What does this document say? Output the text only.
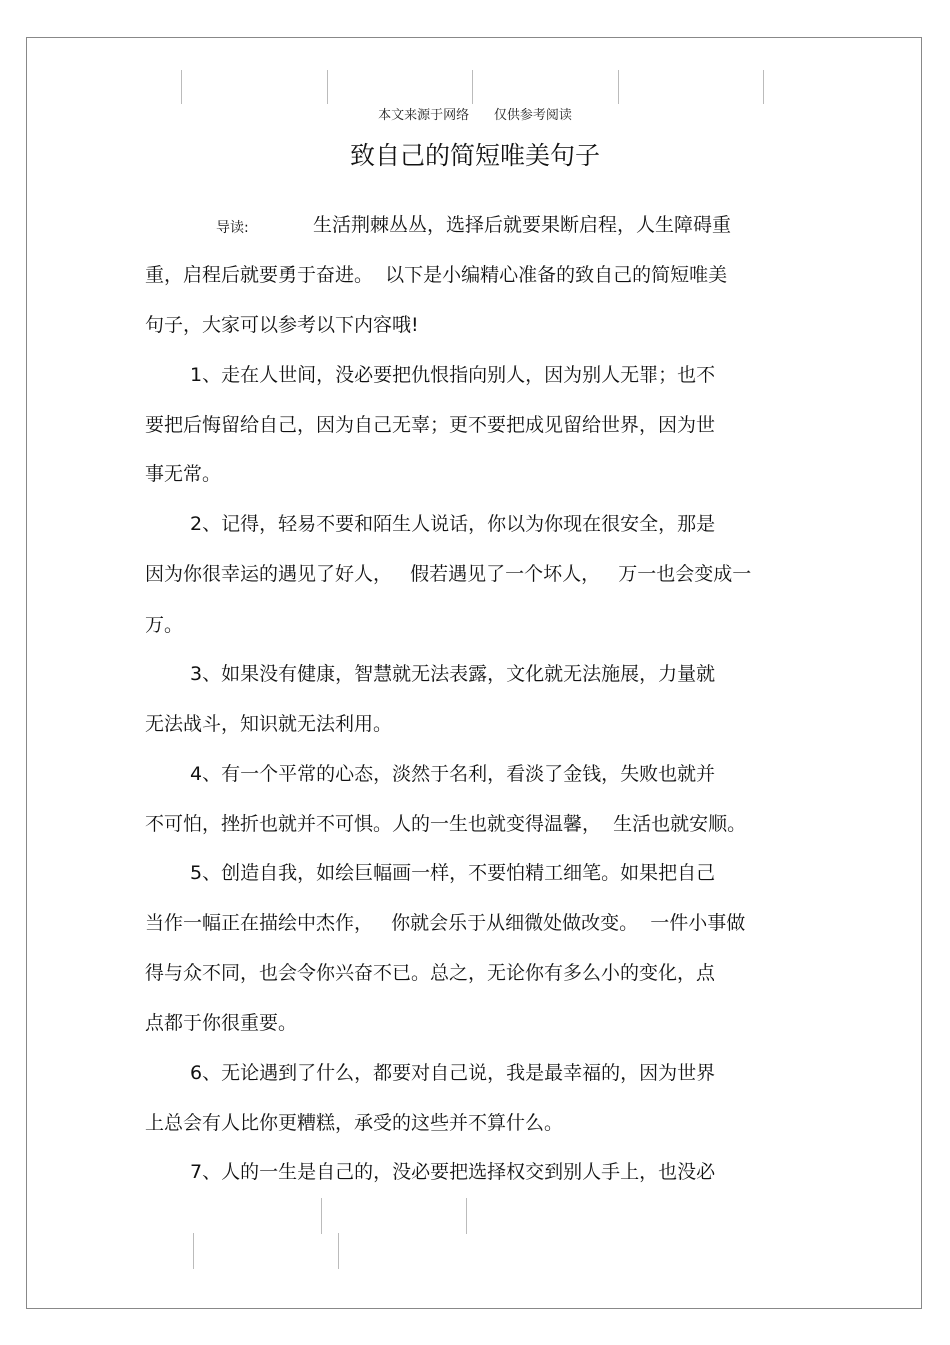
本文来源于网络      仅供参考阅读
致自己的简短唯美句子
导读:	生活荆棘丛丛，选择后就要果断启程，人生障碍重
重，启程后就要勇于奋进。  以下是小编精心准备的致自己的简短唯美
句子，大家可以参考以下内容哦!
1、走在人世间，没必要把仇恨指向别人，因为别人无罪；也不
要把后悔留给自己，因为自己无辜；更不要把成见留给世界，因为世
事无常。
2、记得，轻易不要和陌生人说话，你以为你现在很安全，那是
因为你很幸运的遇见了好人，   假若遇见了一个坏人，   万一也会变成一
万。
3、如果没有健康，智慧就无法表露，文化就无法施展，力量就
无法战斗，知识就无法利用。
4、有一个平常的心态，淡然于名利，看淡了金钱，失败也就并
不可怕，挫折也就并不可惧。人的一生也就变得温馨，  生活也就安顺。
5、创造自我，如绘巨幅画一样，不要怕精工细笔。如果把自己
当作一幅正在描绘中杰作，   你就会乐于从细微处做改变。  一件小事做
得与众不同，也会令你兴奋不已。总之，无论你有多么小的变化，点
点都于你很重要。
6、无论遇到了什么，都要对自己说，我是最幸福的，因为世界
上总会有人比你更糟糕，承受的这些并不算什么。
7、人的一生是自己的，没必要把选择权交到别人手上，也没必
